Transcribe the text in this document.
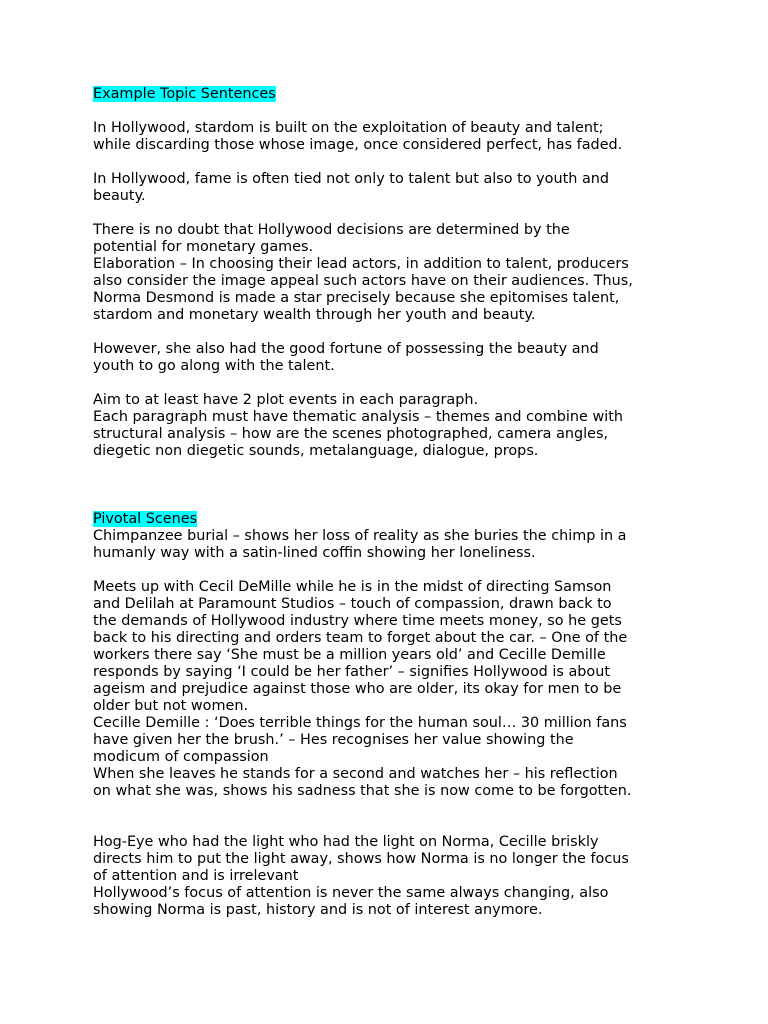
Example Topic Sentences
In Hollywood, stardom is built on the exploitation of beauty and talent;
while discarding those whose image, once considered perfect, has faded.
In Hollywood, fame is often tied not only to talent but also to youth and
beauty.
There is no doubt that Hollywood decisions are determined by the
potential for monetary games.
Elaboration – In choosing their lead actors, in addition to talent, producers
also consider the image appeal such actors have on their audiences. Thus,
Norma Desmond is made a star precisely because she epitomises talent,
stardom and monetary wealth through her youth and beauty.
However, she also had the good fortune of possessing the beauty and
youth to go along with the talent.
Aim to at least have 2 plot events in each paragraph.
Each paragraph must have thematic analysis – themes and combine with
structural analysis – how are the scenes photographed, camera angles,
diegetic non diegetic sounds, metalanguage, dialogue, props.
Pivotal Scenes
Chimpanzee burial – shows her loss of reality as she buries the chimp in a
humanly way with a satin-lined coffin showing her loneliness.
Meets up with Cecil DeMille while he is in the midst of directing Samson
and Delilah at Paramount Studios – touch of compassion, drawn back to
the demands of Hollywood industry where time meets money, so he gets
back to his directing and orders team to forget about the car. – One of the
workers there say ‘She must be a million years old’ and Cecille Demille
responds by saying ‘I could be her father’ – signifies Hollywood is about
ageism and prejudice against those who are older, its okay for men to be
older but not women.
Cecille Demille : ‘Does terrible things for the human soul… 30 million fans
have given her the brush.’ – Hes recognises her value showing the
modicum of compassion
When she leaves he stands for a second and watches her – his reflection
on what she was, shows his sadness that she is now come to be forgotten.
Hog-Eye who had the light who had the light on Norma, Cecille briskly
directs him to put the light away, shows how Norma is no longer the focus
of attention and is irrelevant
Hollywood’s focus of attention is never the same always changing, also
showing Norma is past, history and is not of interest anymore.
